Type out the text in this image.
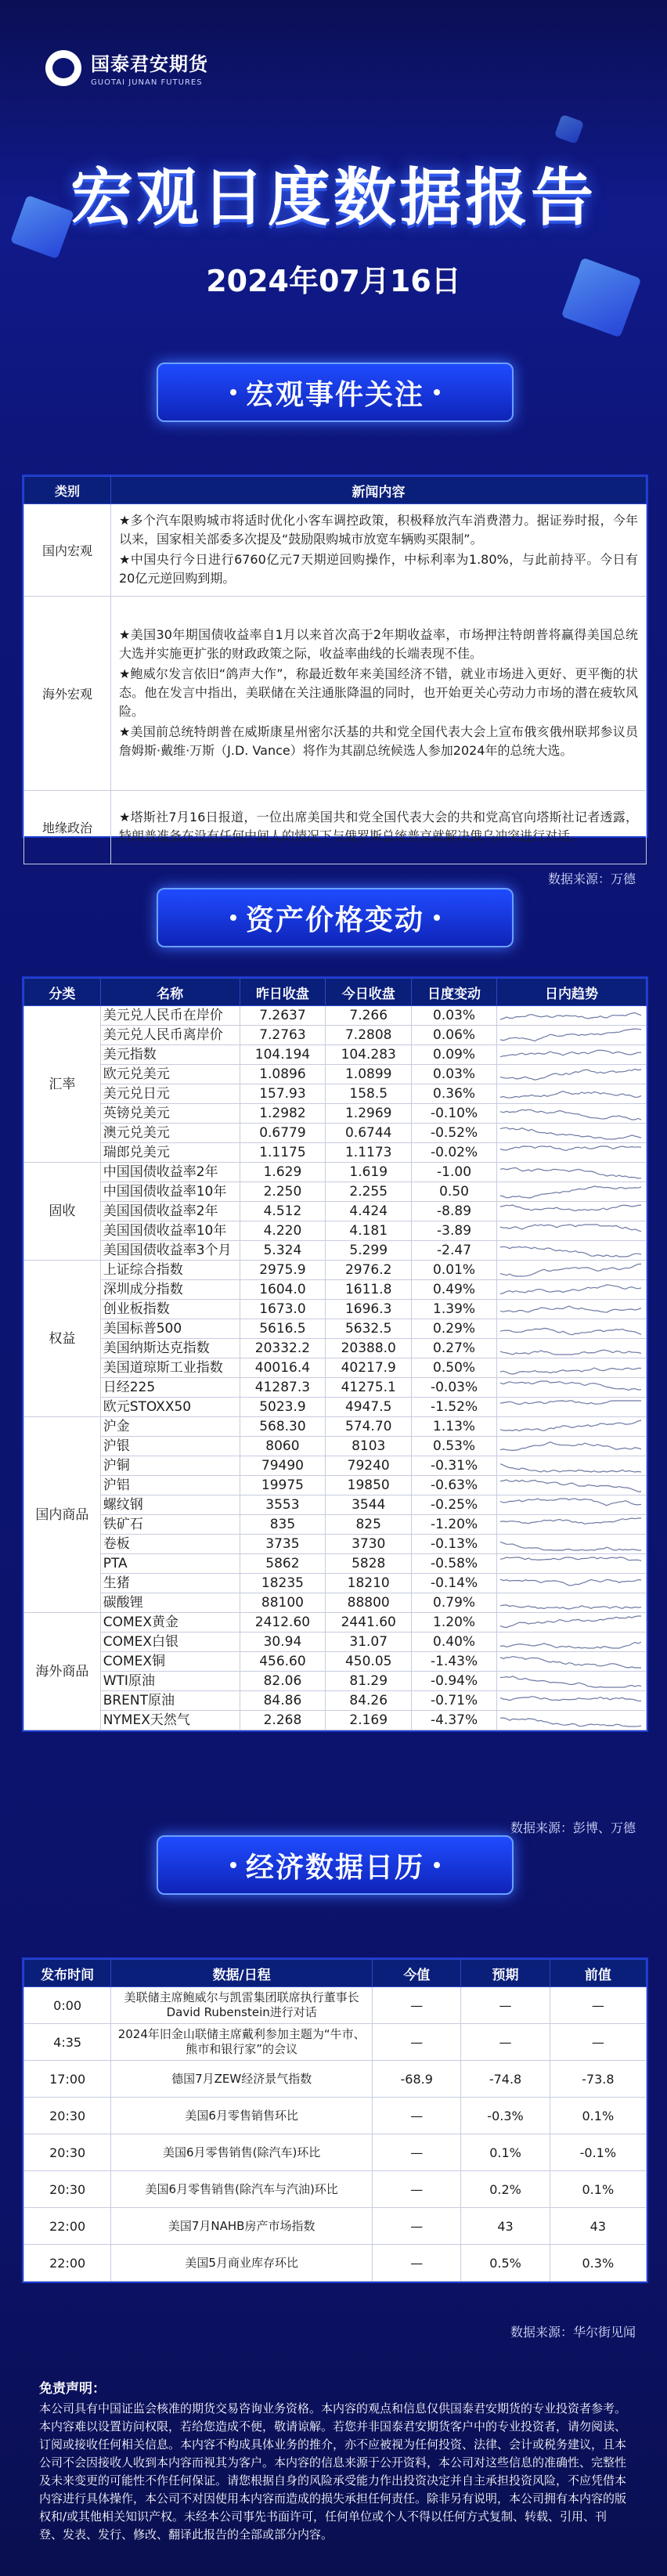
国泰君安期货
GUOTAI JUNAN FUTURES
宏观日度数据报告
2024年07月16日
宏观事件关注
类别	新闻内容
国内宏观	★多个汽车限购城市将适时优化小客车调控政策，积极释放汽车消费潜力。据证券时报，今年以来，国家相关部委多次提及“鼓励限购城市放宽车辆购买限制”。

★中国央行今日进行6760亿元7天期逆回购操作，中标利率为1.80%，与此前持平。今日有20亿元逆回购到期。

海外宏观	★美国30年期国债收益率自1月以来首次高于2年期收益率，市场押注特朗普将赢得美国总统大选并实施更扩张的财政政策之际，收益率曲线的长端表现不佳。

★鲍威尔发言依旧“鸽声大作”，称最近数年来美国经济不错，就业市场进入更好、更平衡的状态。他在发言中指出，美联储在关注通胀降温的同时，也开始更关心劳动力市场的潜在疲软风险。

★美国前总统特朗普在威斯康星州密尔沃基的共和党全国代表大会上宣布俄亥俄州联邦参议员詹姆斯·戴维·万斯（J.D. Vance）将作为其副总统候选人参加2024年的总统大选。

地缘政治	★塔斯社7月16日报道，一位出席美国共和党全国代表大会的共和党高官向塔斯社记者透露，特朗普准备在没有任何中间人的情况下与俄罗斯总统普京就解决俄乌冲突进行对话。

数据来源：万德
资产价格变动
分类	名称	昨日收盘	今日收盘	日度变动	日内趋势
汇率	美元兑人民币在岸价	7.2637	7.266	0.03%	

	美元兑人民币离岸价	7.2763	7.2808	0.06%	

	美元指数	104.194	104.283	0.09%	

	欧元兑美元	1.0896	1.0899	0.03%	

	美元兑日元	157.93	158.5	0.36%	

	英镑兑美元	1.2982	1.2969	-0.10%	

	澳元兑美元	0.6779	0.6744	-0.52%	

	瑞郎兑美元	1.1175	1.1173	-0.02%	

固收	中国国债收益率2年	1.629	1.619	-1.00	

	中国国债收益率10年	2.250	2.255	0.50	

	美国国债收益率2年	4.512	4.424	-8.89	

	美国国债收益率10年	4.220	4.181	-3.89	

	美国国债收益率3个月	5.324	5.299	-2.47	

权益	上证综合指数	2975.9	2976.2	0.01%	

	深圳成分指数	1604.0	1611.8	0.49%	

	创业板指数	1673.0	1696.3	1.39%	

	美国标普500	5616.5	5632.5	0.29%	

	美国纳斯达克指数	20332.2	20388.0	0.27%	

	美国道琼斯工业指数	40016.4	40217.9	0.50%	

	日经225	41287.3	41275.1	-0.03%	

	欧元STOXX50	5023.9	4947.5	-1.52%	

国内商品	沪金	568.30	574.70	1.13%	

	沪银	8060	8103	0.53%	

	沪铜	79490	79240	-0.31%	

	沪铝	19975	19850	-0.63%	

	螺纹钢	3553	3544	-0.25%	

	铁矿石	835	825	-1.20%	

	卷板	3735	3730	-0.13%	

	PTA	5862	5828	-0.58%	

	生猪	18235	18210	-0.14%	

	碳酸锂	88100	88800	0.79%	

海外商品	COMEX黄金	2412.60	2441.60	1.20%	

	COMEX白银	30.94	31.07	0.40%	

	COMEX铜	456.60	450.05	-1.43%	

	WTI原油	82.06	81.29	-0.94%	

	BRENT原油	84.86	84.26	-0.71%	

	NYMEX天然气	2.268	2.169	-4.37%	
数据来源：彭博、万德
经济数据日历
发布时间	数据/日程	今值	预期	前值
0:00	美联储主席鲍威尔与凯雷集团联席执行董事长David Rubenstein进行对话	—	—	—
4:35	2024年旧金山联储主席戴利参加主题为“牛市、熊市和银行家”的会议	—	—	—
17:00	德国7月ZEW经济景气指数	-68.9	-74.8	-73.8
20:30	美国6月零售销售环比	—	-0.3%	0.1%
20:30	美国6月零售销售(除汽车)环比	—	0.1%	-0.1%
20:30	美国6月零售销售(除汽车与汽油)环比	—	0.2%	0.1%
22:00	美国7月NAHB房产市场指数	—	43	43
22:00	美国5月商业库存环比	—	0.5%	0.3%
数据来源：华尔街见闻
免责声明：
本公司具有中国证监会核准的期货交易咨询业务资格。本内容的观点和信息仅供国泰君安期货的专业投资者参考。本内容难以设置访问权限，若给您造成不便，敬请谅解。若您并非国泰君安期货客户中的专业投资者，请勿阅读、订阅或接收任何相关信息。本内容不构成具体业务的推介，亦不应被视为任何投资、法律、会计或税务建议，且本公司不会因接收人收到本内容而视其为客户。本内容的信息来源于公开资料，本公司对这些信息的准确性、完整性及未来变更的可能性不作任何保证。请您根据自身的风险承受能力作出投资决定并自主承担投资风险，不应凭借本内容进行具体操作，本公司不对因使用本内容而造成的损失承担任何责任。除非另有说明，本公司拥有本内容的版权和/或其他相关知识产权。未经本公司事先书面许可，任何单位或个人不得以任何方式复制、转载、引用、刊登、发表、发行、修改、翻译此报告的全部或部分内容。
